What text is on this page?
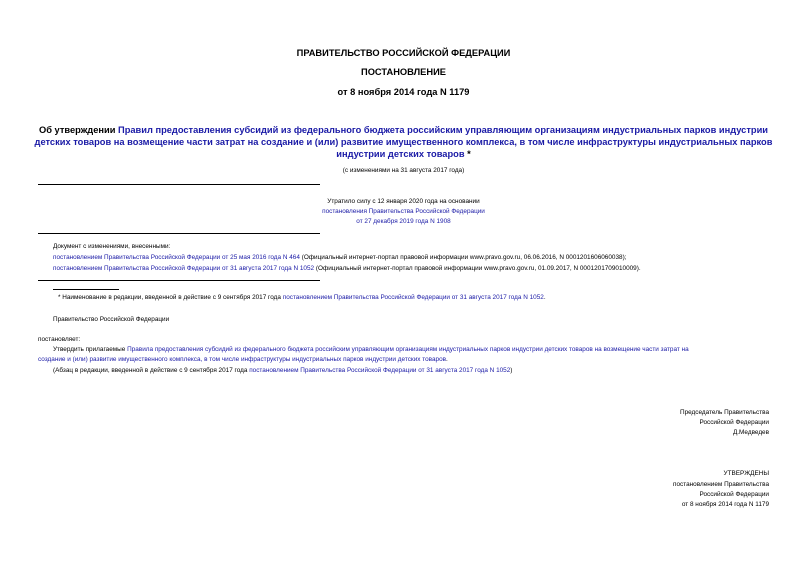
ПРАВИТЕЛЬСТВО РОССИЙСКОЙ ФЕДЕРАЦИИ
ПОСТАНОВЛЕНИЕ
от 8 ноября 2014 года N 1179
Об утверждении Правил предоставления субсидий из федерального бюджета российским управляющим организациям индустриальных парков индустрии
детских товаров на возмещение части затрат на создание и (или) развитие имущественного комплекса, в том числе инфраструктуры индустриальных парков
индустрии детских товаров *
(с изменениями на 31 августа 2017 года)
Утратило силу с 12 января 2020 года на основании
постановления Правительства Российской Федерации
от 27 декабря 2019 года N 1908
Документ с изменениями, внесенными:
постановлением Правительства Российской Федерации от 25 мая 2016 года N 464 (Официальный интернет-портал правовой информации www.pravo.gov.ru, 06.06.2016, N 0001201606060038);
постановлением Правительства Российской Федерации от 31 августа 2017 года N 1052 (Официальный интернет-портал правовой информации www.pravo.gov.ru, 01.09.2017, N 0001201709010009).
* Наименование в редакции, введенной в действие с 9 сентября 2017 года постановлением Правительства Российской Федерации от 31 августа 2017 года N 1052.
Правительство Российской Федерации
постановляет:
Утвердить прилагаемые Правила предоставления субсидий из федерального бюджета российским управляющим организациям индустриальных парков индустрии детских товаров на возмещение части затрат на
создание и (или) развитие имущественного комплекса, в том числе инфраструктуры индустриальных парков индустрии детских товаров.
(Абзац в редакции, введенной в действие с 9 сентября 2017 года постановлением Правительства Российской Федерации от 31 августа 2017 года N 1052)
Председатель Правительства
Российской Федерации
Д.Медведев
УТВЕРЖДЕНЫ
постановлением Правительства
Российской Федерации
от 8 ноября 2014 года N 1179
